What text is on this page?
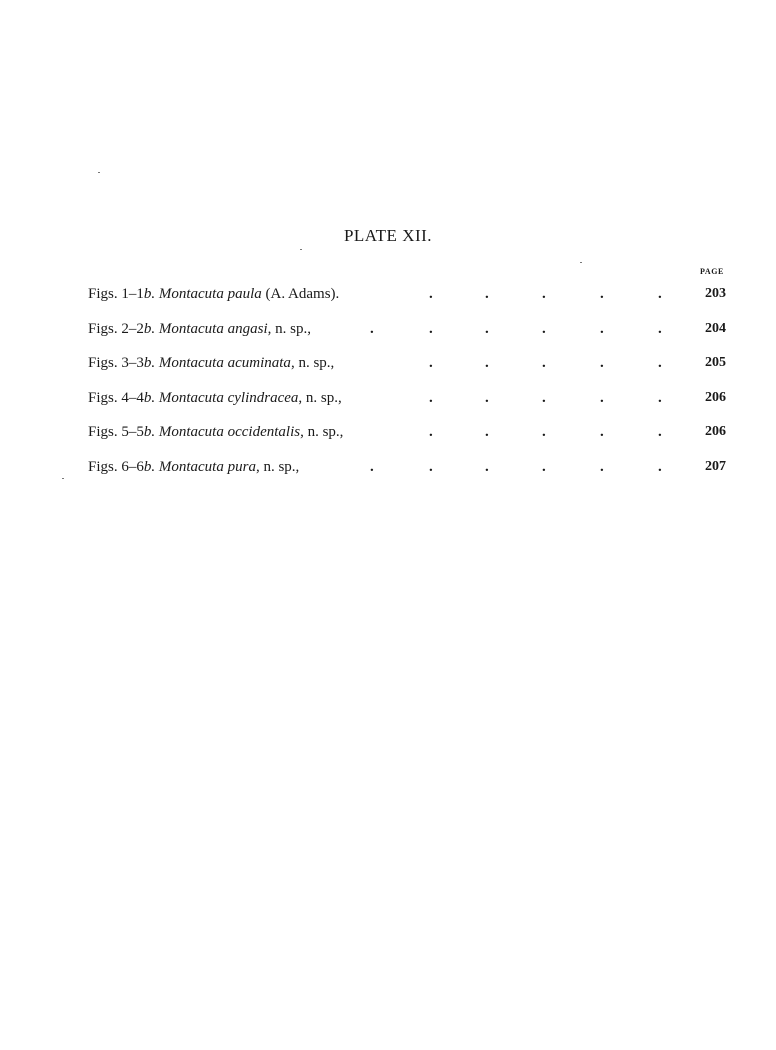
PLATE XII.
PAGE
Figs. 1–1b. Montacuta paula (A. Adams).	.	.	.	.	.	203
Figs. 2–2b. Montacuta angasi, n. sp.,	.	.	.	.	.	.	204
Figs. 3–3b. Montacuta acuminata, n. sp.,	.	.	.	.	.	205
Figs. 4–4b. Montacuta cylindracea, n. sp.,	.	.	.	.	.	206
Figs. 5–5b. Montacuta occidentalis, n. sp.,	.	.	.	.	.	206
Figs. 6–6b. Montacuta pura, n. sp.,	.	.	.	.	.	.	207
